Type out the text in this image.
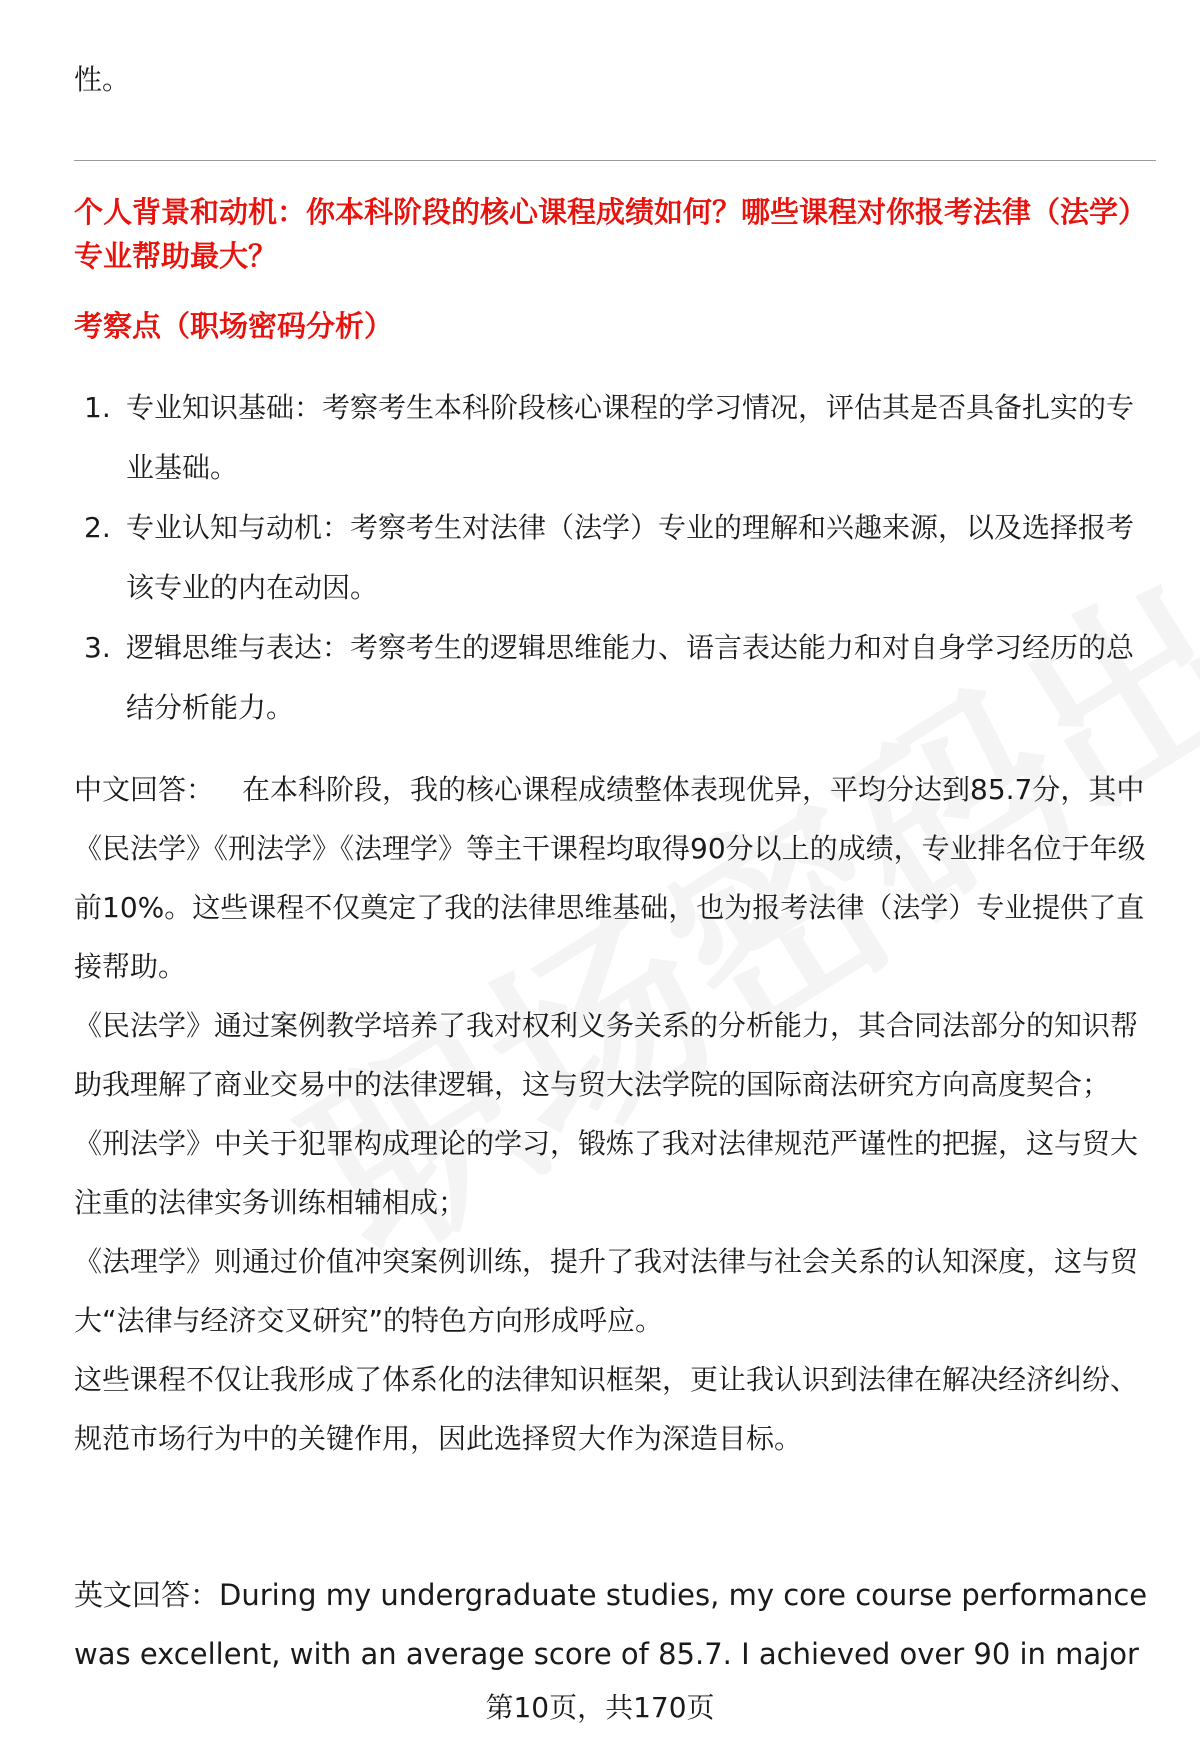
性。
个人背景和动机：你本科阶段的核心课程成绩如何？哪些课程对你报考法律（法学）专业帮助最大？
考察点（职场密码分析）
1. 专业知识基础：考察考生本科阶段核心课程的学习情况，评估其是否具备扎实的专业基础。
2. 专业认知与动机：考察考生对法律（法学）专业的理解和兴趣来源，以及选择报考该专业的内在动因。
3. 逻辑思维与表达：考察考生的逻辑思维能力、语言表达能力和对自身学习经历的总结分析能力。

中文回答： 在本科阶段，我的核心课程成绩整体表现优异，平均分达到85.7分，其中《民法学》《刑法学》《法理学》等主干课程均取得90分以上的成绩，专业排名位于年级前10%。这些课程不仅奠定了我的法律思维基础，也为报考法律（法学）专业提供了直接帮助。

《民法学》通过案例教学培养了我对权利义务关系的分析能力，其合同法部分的知识帮助我理解了商业交易中的法律逻辑，这与贸大法学院的国际商法研究方向高度契合；

《刑法学》中关于犯罪构成理论的学习，锻炼了我对法律规范严谨性的把握，这与贸大注重的法律实务训练相辅相成；

《法理学》则通过价值冲突案例训练，提升了我对法律与社会关系的认知深度，这与贸大“法律与经济交叉研究”的特色方向形成呼应。

这些课程不仅让我形成了体系化的法律知识框架，更让我认识到法律在解决经济纠纷、规范市场行为中的关键作用，因此选择贸大作为深造目标。

英文回答：During my undergraduate studies, my core course performance was excellent, with an average score of 85.7. I achieved over 90 in major
第10页，共170页
